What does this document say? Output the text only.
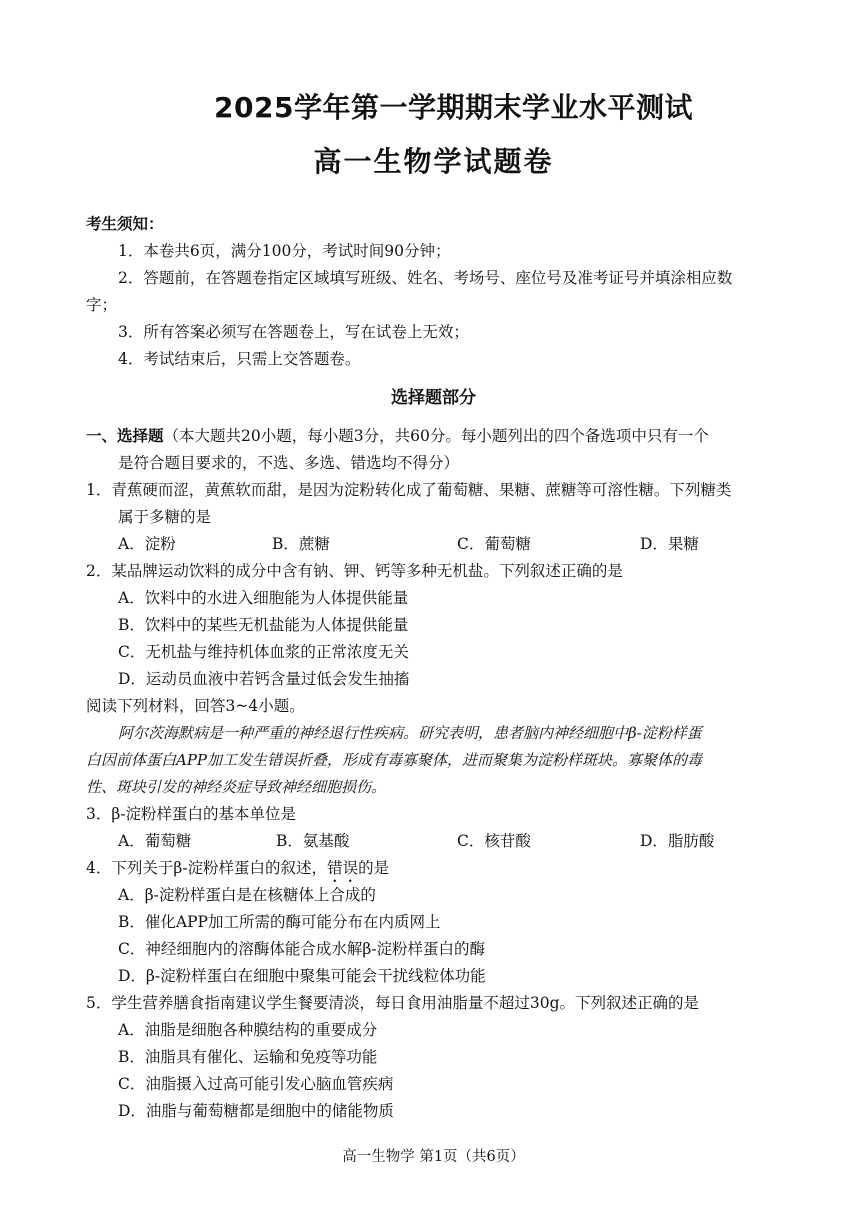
2025学年第一学期期末学业水平测试
高一生物学试题卷
考生须知：
1．本卷共6页，满分100分，考试时间90分钟；
2．答题前，在答题卷指定区域填写班级、姓名、考场号、座位号及准考证号并填涂相应数
字；
3．所有答案必须写在答题卷上，写在试卷上无效；
4．考试结束后，只需上交答题卷。
选择题部分
一、选择题（本大题共20小题，每小题3分，共60分。每小题列出的四个备选项中只有一个
是符合题目要求的，不选、多选、错选均不得分）
1．青蕉硬而涩，黄蕉软而甜，是因为淀粉转化成了葡萄糖、果糖、蔗糖等可溶性糖。下列糖类
属于多糖的是
A．淀粉	B．蔗糖	C．葡萄糖	D．果糖
2．某品牌运动饮料的成分中含有钠、钾、钙等多种无机盐。下列叙述正确的是
A．饮料中的水进入细胞能为人体提供能量
B．饮料中的某些无机盐能为人体提供能量
C．无机盐与维持机体血浆的正常浓度无关
D．运动员血液中若钙含量过低会发生抽搐
阅读下列材料，回答3~4小题。
阿尔茨海默病是一种严重的神经退行性疾病。研究表明，患者脑内神经细胞中β-淀粉样蛋
白因前体蛋白APP加工发生错误折叠，形成有毒寡聚体，进而聚集为淀粉样斑块。寡聚体的毒
性、斑块引发的神经炎症导致神经细胞损伤。
3．β-淀粉样蛋白的基本单位是
A．葡萄糖	B．氨基酸	C．核苷酸	D．脂肪酸
4．下列关于β-淀粉样蛋白的叙述，错误的是
A．β-淀粉样蛋白是在核糖体上合成的
B．催化APP加工所需的酶可能分布在内质网上
C．神经细胞内的溶酶体能合成水解β-淀粉样蛋白的酶
D．β-淀粉样蛋白在细胞中聚集可能会干扰线粒体功能
5．学生营养膳食指南建议学生餐要清淡，每日食用油脂量不超过30g。下列叙述正确的是
A．油脂是细胞各种膜结构的重要成分
B．油脂具有催化、运输和免疫等功能
C．油脂摄入过高可能引发心脑血管疾病
D．油脂与葡萄糖都是细胞中的储能物质
高一生物学 第1页（共6页）
